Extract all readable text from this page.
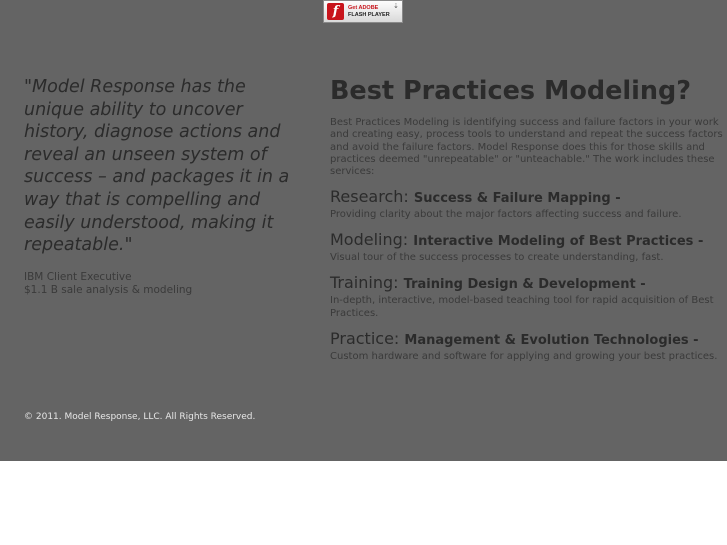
f	Get ADOBE
FLASH PLAYER
⇣

"Model Response has the unique ability to uncover history, diagnose actions and reveal an unseen system of success – and packages it in a way that is compelling and easily understood, making it repeatable."

IBM Client Executive
$1.1 B sale analysis & modeling
Best Practices Modeling?

Best Practices Modeling is identifying success and failure factors in your work and creating easy, process tools to understand and repeat the success factors and avoid the failure factors. Model Response does this for those skills and practices deemed "unrepeatable" or "unteachable." The work includes these services:

Research: Success & Failure Mapping -
Providing clarity about the major factors affecting success and failure.
Modeling: Interactive Modeling of Best Practices -
Visual tour of the success processes to create understanding, fast.
Training: Training Design & Development -
In-depth, interactive, model-based teaching tool for rapid acquisition of Best Practices.
Practice: Management & Evolution Technologies -
Custom hardware and software for applying and growing your best practices.
© 2011. Model Response, LLC. All Rights Reserved.
